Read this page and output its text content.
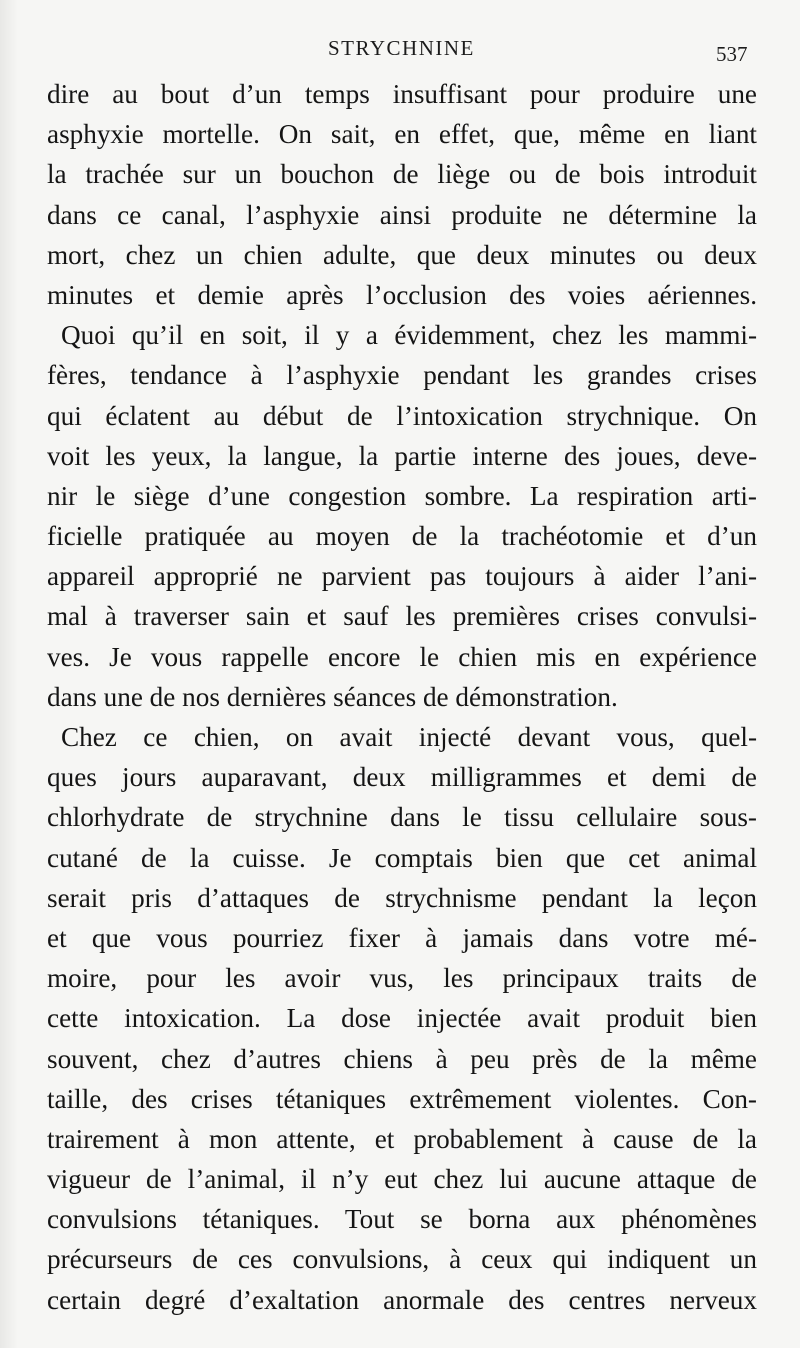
STRYCHNINE	537
dire au bout d’un temps insuffisant pour produire une
asphyxie mortelle. On sait, en effet, que, même en liant
la trachée sur un bouchon de liège ou de bois introduit
dans ce canal, l’asphyxie ainsi produite ne détermine la
mort, chez un chien adulte, que deux minutes ou deux
minutes et demie après l’occlusion des voies aériennes.
Quoi qu’il en soit, il y a évidemment, chez les mammi-
fères, tendance à l’asphyxie pendant les grandes crises
qui éclatent au début de l’intoxication strychnique. On
voit les yeux, la langue, la partie interne des joues, deve-
nir le siège d’une congestion sombre. La respiration arti-
ficielle pratiquée au moyen de la trachéotomie et d’un
appareil approprié ne parvient pas toujours à aider l’ani-
mal à traverser sain et sauf les premières crises convulsi-
ves. Je vous rappelle encore le chien mis en expérience
dans une de nos dernières séances de démonstration.
Chez ce chien, on avait injecté devant vous, quel-
ques jours auparavant, deux milligrammes et demi de
chlorhydrate de strychnine dans le tissu cellulaire sous-
cutané de la cuisse. Je comptais bien que cet animal
serait pris d’attaques de strychnisme pendant la leçon
et que vous pourriez fixer à jamais dans votre mé-
moire, pour les avoir vus, les principaux traits de
cette intoxication. La dose injectée avait produit bien
souvent, chez d’autres chiens à peu près de la même
taille, des crises tétaniques extrêmement violentes. Con-
trairement à mon attente, et probablement à cause de la
vigueur de l’animal, il n’y eut chez lui aucune attaque de
convulsions tétaniques. Tout se borna aux phénomènes
précurseurs de ces convulsions, à ceux qui indiquent un
certain degré d’exaltation anormale des centres nerveux
